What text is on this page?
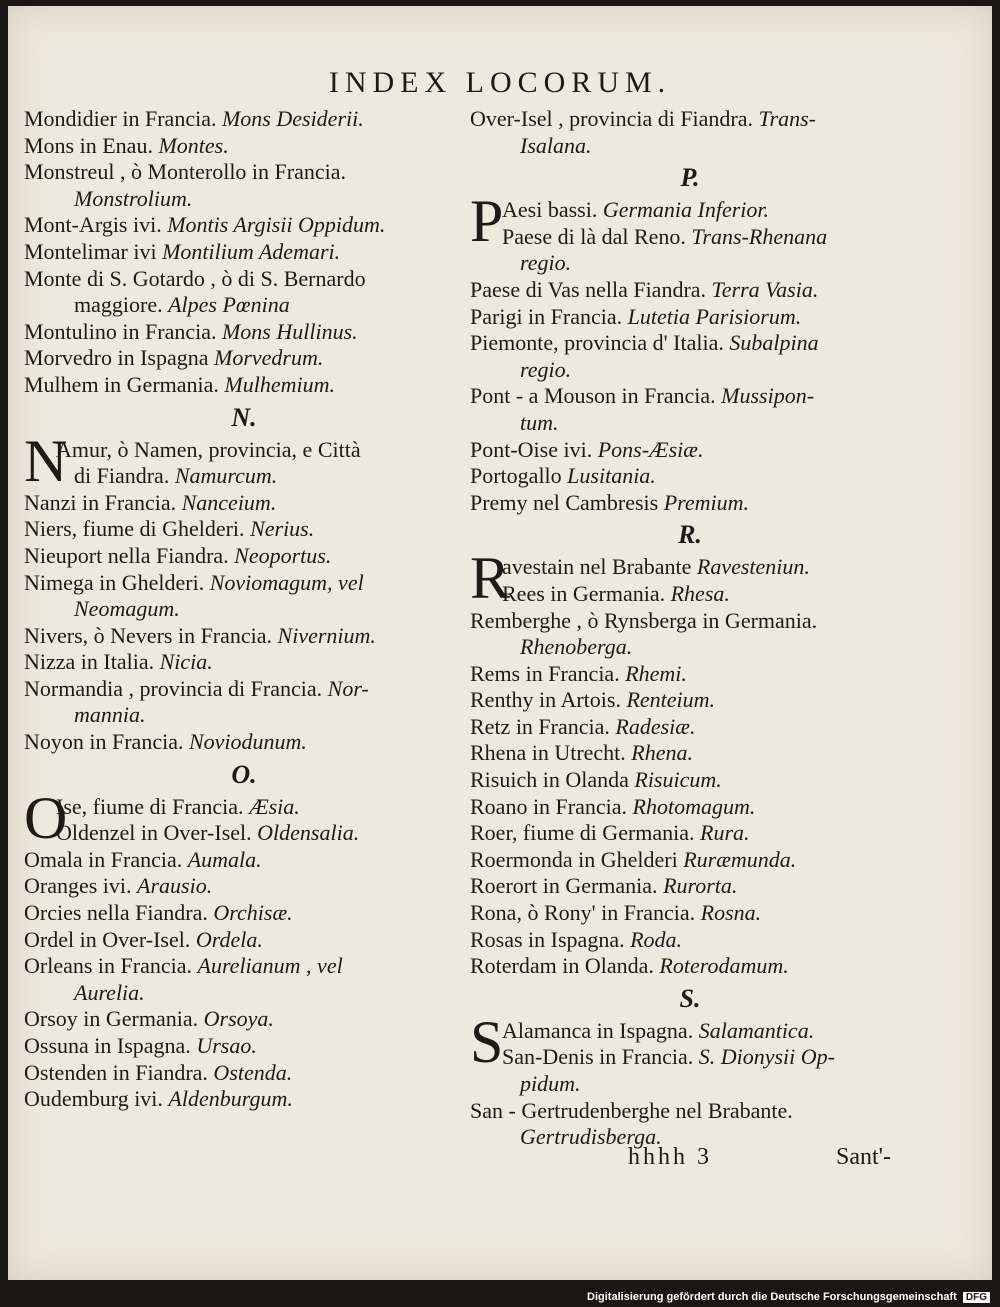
INDEX LOCORUM.
Mondidier in Francia. Mons Desiderii.
Mons in Enau. Montes.
Monstreul , ò Monterollo in Francia.
Monstrolium.
Mont-Argis ivi. Montis Argisii Oppidum.
Montelimar ivi Montilium Ademari.
Monte di S. Gotardo , ò di S. Bernardo
maggiore. Alpes Pœnina
Montulino in Francia. Mons Hullinus.
Morvedro in Ispagna Morvedrum.
Mulhem in Germania. Mulhemium.
N.
N
Amur, ò Namen, provincia, e Città
di Fiandra. Namurcum.
Nanzi in Francia. Nanceium.
Niers, fiume di Ghelderi. Nerius.
Nieuport nella Fiandra. Neoportus.
Nimega in Ghelderi. Noviomagum, vel
Neomagum.
Nivers, ò Nevers in Francia. Nivernium.
Nizza in Italia. Nicia.
Normandia , provincia di Francia. Nor-
mannia.
Noyon in Francia. Noviodunum.
O.
O
Ise, fiume di Francia. Æsia.
Oldenzel in Over-Isel. Oldensalia.
Omala in Francia. Aumala.
Oranges ivi. Arausio.
Orcies nella Fiandra. Orchisæ.
Ordel in Over-Isel. Ordela.
Orleans in Francia. Aurelianum , vel
Aurelia.
Orsoy in Germania. Orsoya.
Ossuna in Ispagna. Ursao.
Ostenden in Fiandra. Ostenda.
Oudemburg ivi. Aldenburgum.
Over-Isel , provincia di Fiandra. Trans-
Isalana.
P.
P
Aesi bassi. Germania Inferior.
Paese di là dal Reno. Trans-Rhenana
regio.
Paese di Vas nella Fiandra. Terra Vasia.
Parigi in Francia. Lutetia Parisiorum.
Piemonte, provincia d' Italia. Subalpina
regio.
Pont - a Mouson in Francia. Mussipon-
tum.
Pont-Oise ivi. Pons-Æsiæ.
Portogallo Lusitania.
Premy nel Cambresis Premium.
R.
R
avestain nel Brabante Ravesteniun.
Rees in Germania. Rhesa.
Remberghe , ò Rynsberga in Germania.
Rhenoberga.
Rems in Francia. Rhemi.
Renthy in Artois. Renteium.
Retz in Francia. Radesiæ.
Rhena in Utrecht. Rhena.
Risuich in Olanda Risuicum.
Roano in Francia. Rhotomagum.
Roer, fiume di Germania. Rura.
Roermonda in Ghelderi Ruræmunda.
Roerort in Germania. Rurorta.
Rona, ò Rony' in Francia. Rosna.
Rosas in Ispagna. Roda.
Roterdam in Olanda. Roterodamum.
S.
S
Alamanca in Ispagna. Salamantica.
San-Denis in Francia. S. Dionysii Op-
pidum.
San - Gertrudenberghe nel Brabante.
Gertrudisberga.
hhhh 3	Sant'-
Digitalisierung gefördert durch die Deutsche Forschungsgemeinschaft DFG
